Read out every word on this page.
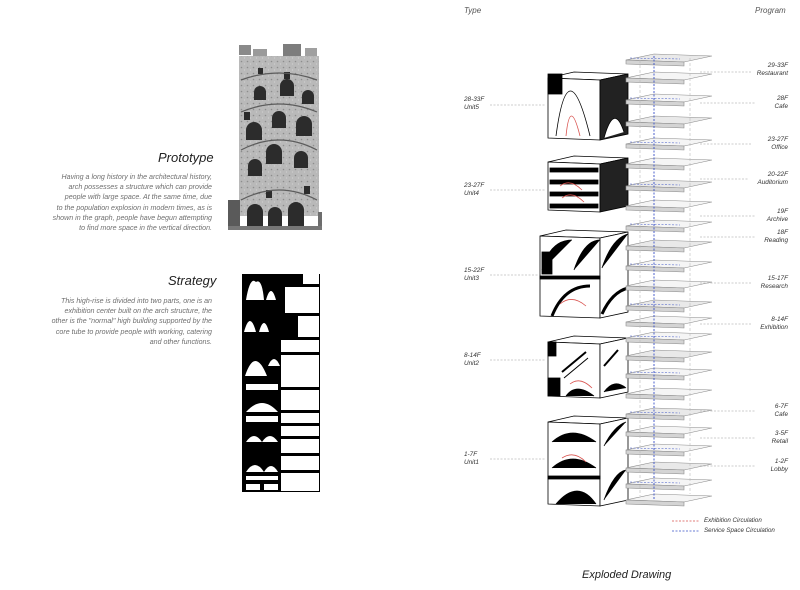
Type	Program
Prototype
Having a long history in the architectural history,
arch possesses a structure which can provide
people with large space. At the same time, due
to the population explosion in modern times, as is
shown in the graph, people have begun attempting
to find more space in the vertical direction.
Strategy
This high-rise is divided into two parts, one is an
exhibition center built on the arch structure, the
other is the "normal" high building supported by the
core tube to provide people with working, catering
and other functions.
28-33F
Unit5
23-27F
Unit4
15-22F
Unit3
8-14F
Unit2
1-7F
Unit1
29-33F
Restaurant
28F
Cafe
23-27F
Office
20-22F
Auditorium
19F
Archive
18F
Reading
15-17F
Research
8-14F
Exhibition
6-7F
Cafe
3-5F
Retail
1-2F
Lobby
Exhibition Circulation
Service Space Circulation
Exploded Drawing
